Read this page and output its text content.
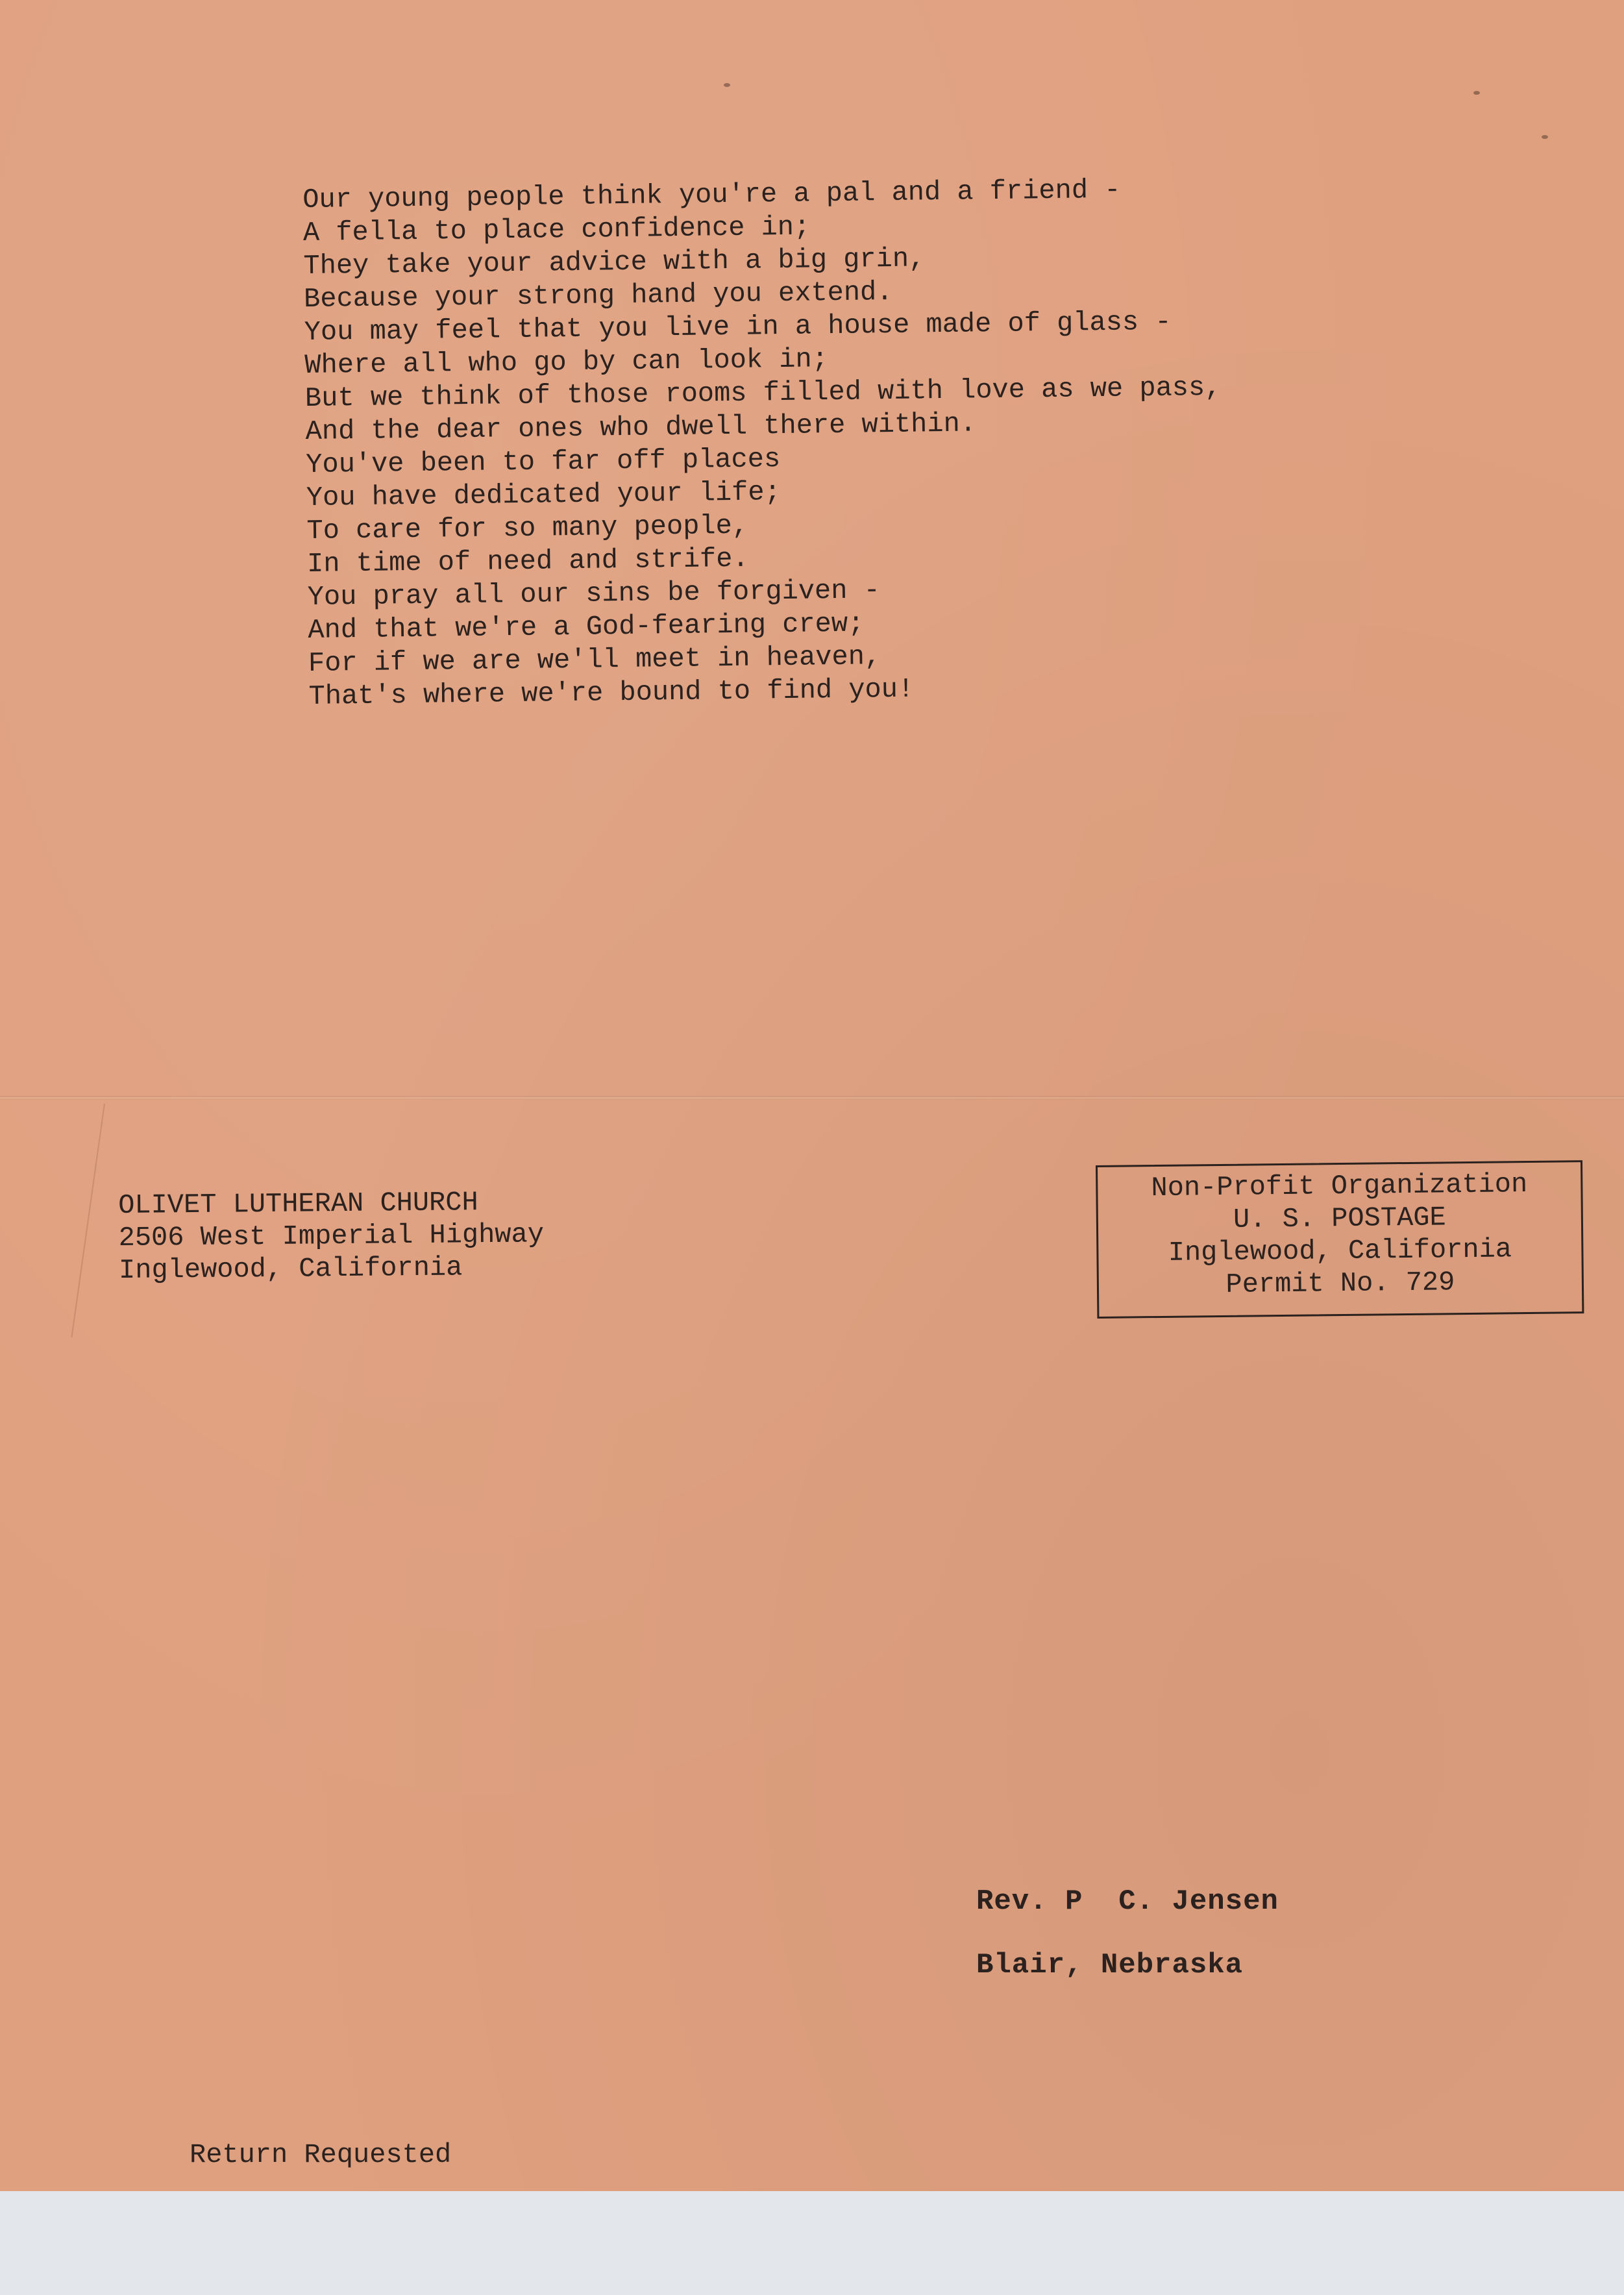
Our young people think you're a pal and a friend -
A fella to place confidence in;
They take your advice with a big grin,
Because your strong hand you extend.
You may feel that you live in a house made of glass -
Where all who go by can look in;
But we think of those rooms filled with love as we pass,
And the dear ones who dwell there within.
You've been to far off places
You have dedicated your life;
To care for so many people,
In time of need and strife.
You pray all our sins be forgiven -
And that we're a God-fearing crew;
For if we are we'll meet in heaven,
That's where we're bound to find you!
OLIVET LUTHERAN CHURCH
2506 West Imperial Highway
Inglewood, California
Non-Profit Organization
U. S. POSTAGE
Inglewood, California
Permit No. 729
Rev. P  C. Jensen
Blair, Nebraska
Return Requested
